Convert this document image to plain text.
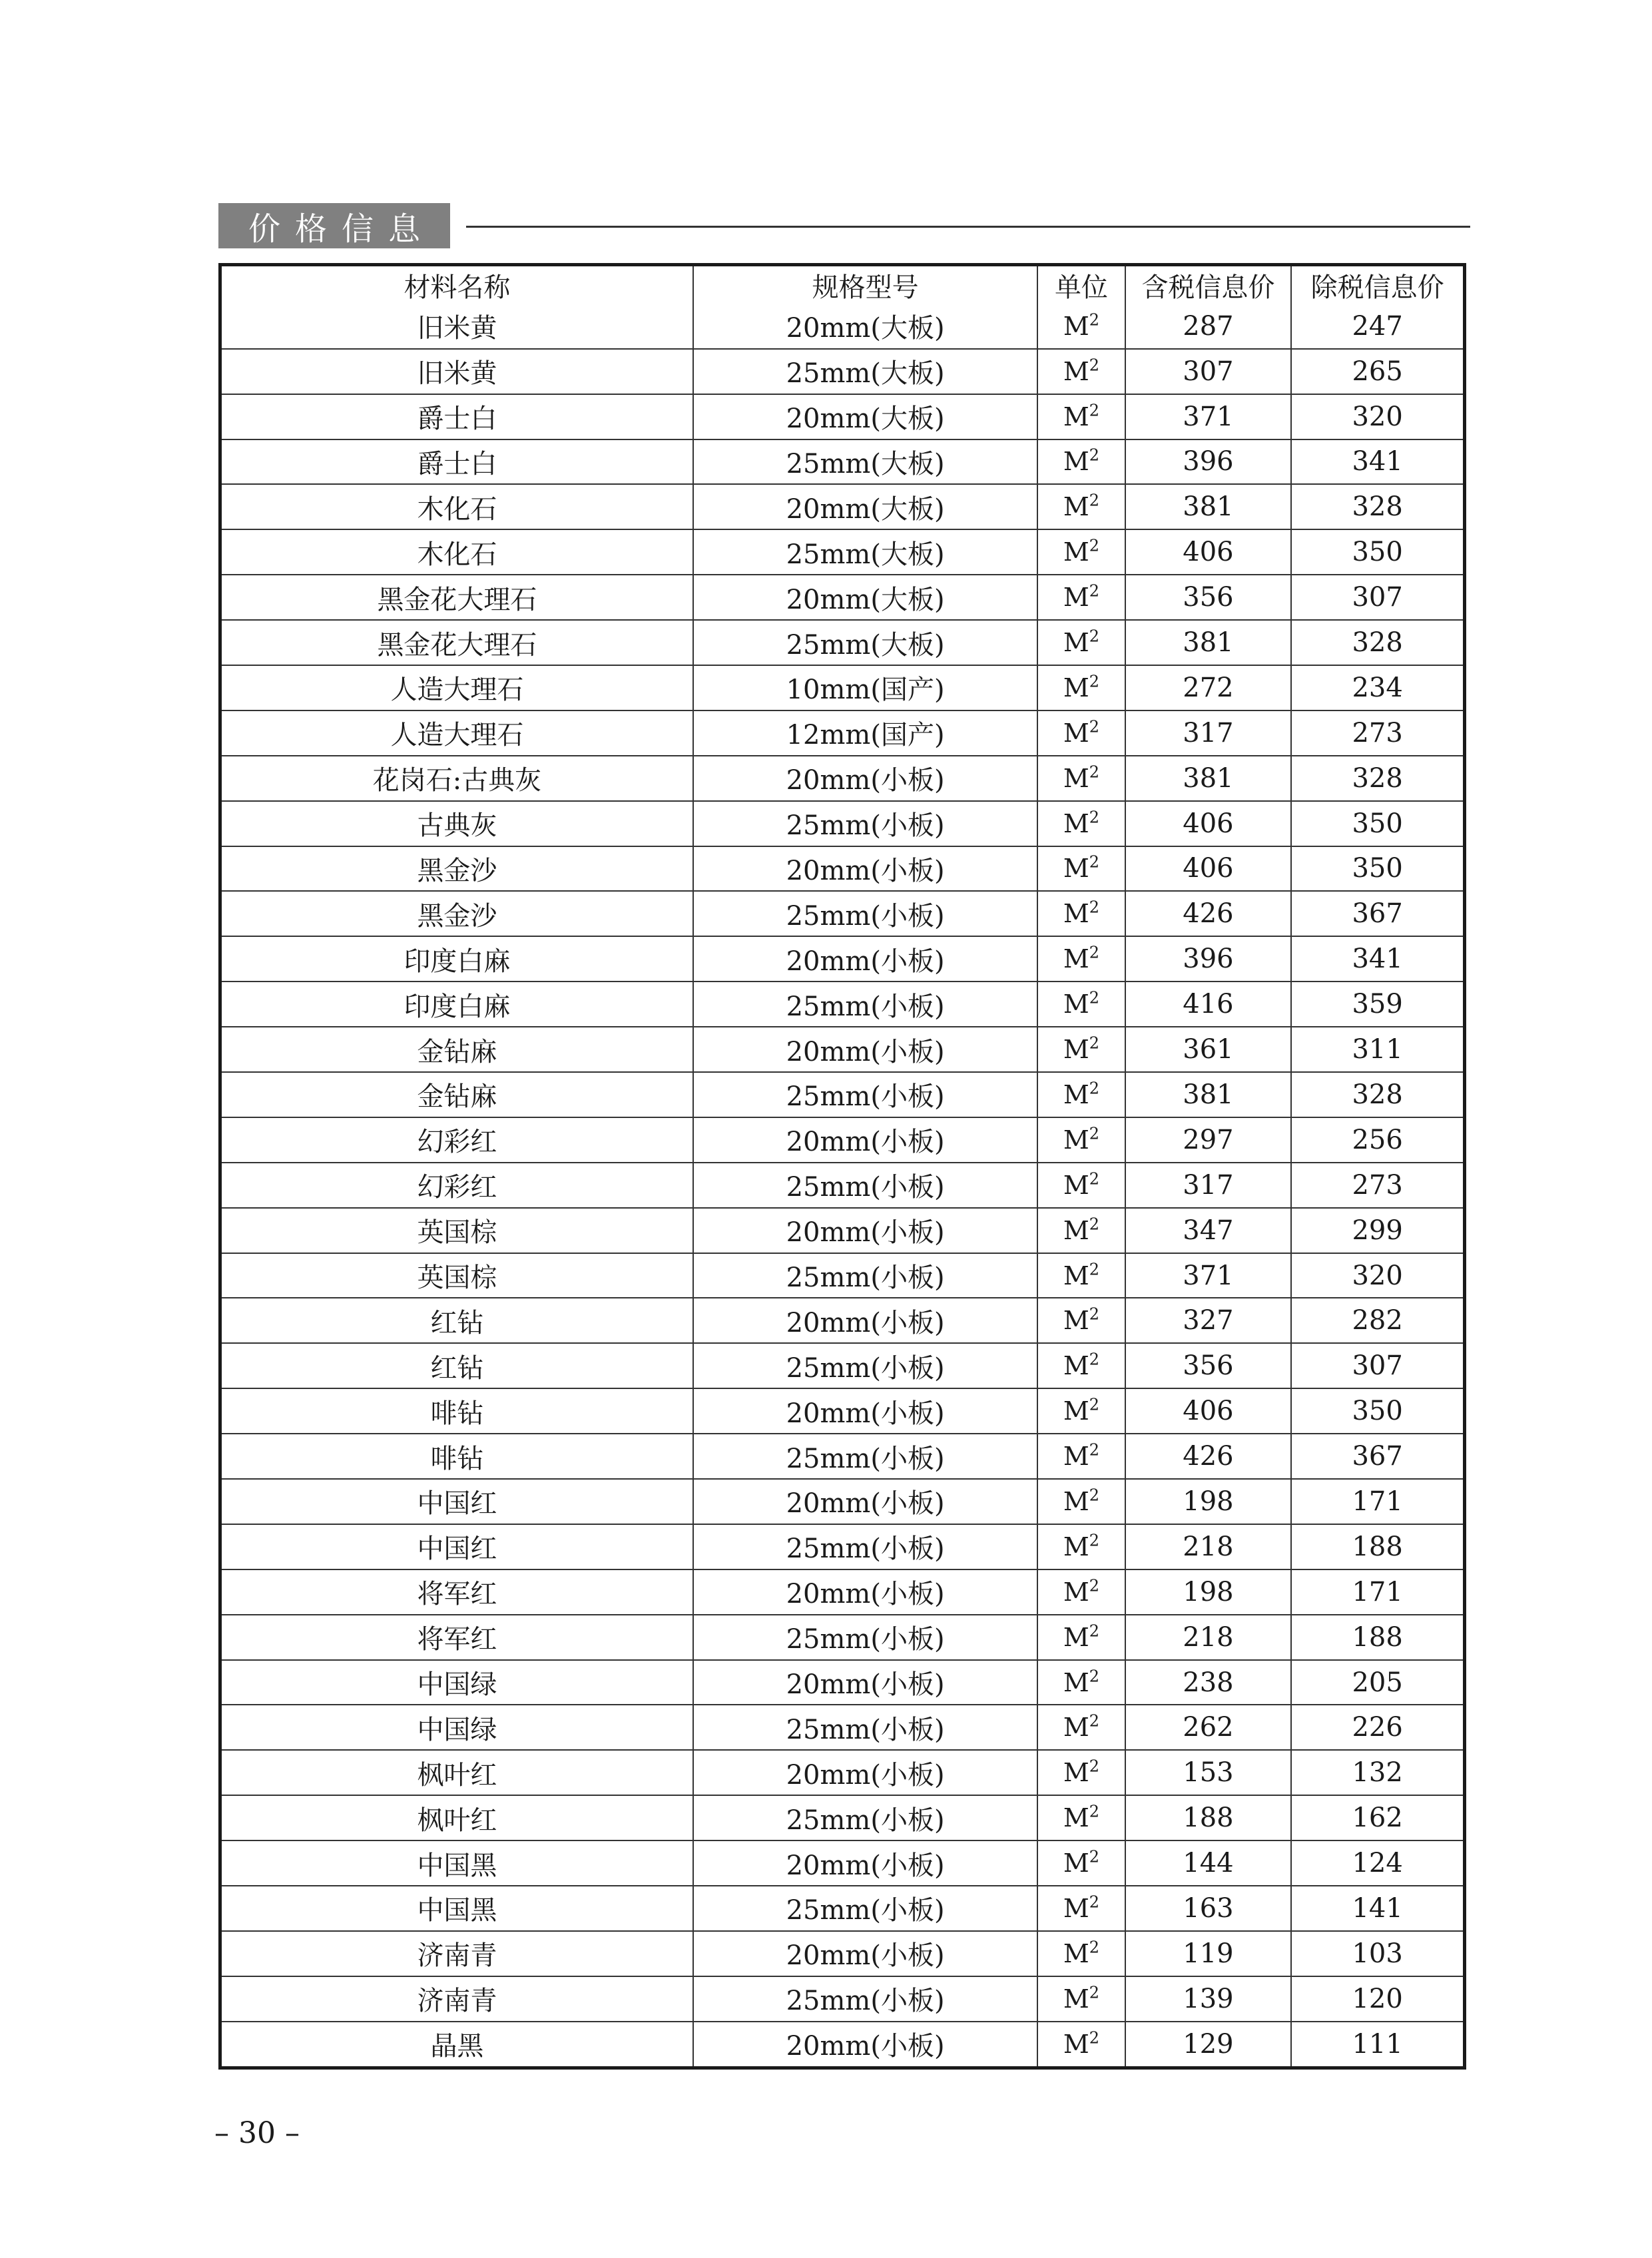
价格信息
材料名称	规格型号	单位	含税信息价	除税信息价
旧米黄	20mm(大板)	$M^2$	287	247
旧米黄	25mm(大板)	$M^2$	307	265
爵士白	20mm(大板)	$M^2$	371	320
爵士白	25mm(大板)	$M^2$	396	341
木化石	20mm(大板)	$M^2$	381	328
木化石	25mm(大板)	$M^2$	406	350
黑金花大理石	20mm(大板)	$M^2$	356	307
黑金花大理石	25mm(大板)	$M^2$	381	328
人造大理石	10mm(国产)	$M^2$	272	234
人造大理石	12mm(国产)	$M^2$	317	273
花岗石:古典灰	20mm(小板)	$M^2$	381	328
古典灰	25mm(小板)	$M^2$	406	350
黑金沙	20mm(小板)	$M^2$	406	350
黑金沙	25mm(小板)	$M^2$	426	367
印度白麻	20mm(小板)	$M^2$	396	341
印度白麻	25mm(小板)	$M^2$	416	359
金钻麻	20mm(小板)	$M^2$	361	311
金钻麻	25mm(小板)	$M^2$	381	328
幻彩红	20mm(小板)	$M^2$	297	256
幻彩红	25mm(小板)	$M^2$	317	273
英国棕	20mm(小板)	$M^2$	347	299
英国棕	25mm(小板)	$M^2$	371	320
红钻	20mm(小板)	$M^2$	327	282
红钻	25mm(小板)	$M^2$	356	307
啡钻	20mm(小板)	$M^2$	406	350
啡钻	25mm(小板)	$M^2$	426	367
中国红	20mm(小板)	$M^2$	198	171
中国红	25mm(小板)	$M^2$	218	188
将军红	20mm(小板)	$M^2$	198	171
将军红	25mm(小板)	$M^2$	218	188
中国绿	20mm(小板)	$M^2$	238	205
中国绿	25mm(小板)	$M^2$	262	226
枫叶红	20mm(小板)	$M^2$	153	132
枫叶红	25mm(小板)	$M^2$	188	162
中国黑	20mm(小板)	$M^2$	144	124
中国黑	25mm(小板)	$M^2$	163	141
济南青	20mm(小板)	$M^2$	119	103
济南青	25mm(小板)	$M^2$	139	120
晶黑	20mm(小板)	$M^2$	129	111
– 30 –
